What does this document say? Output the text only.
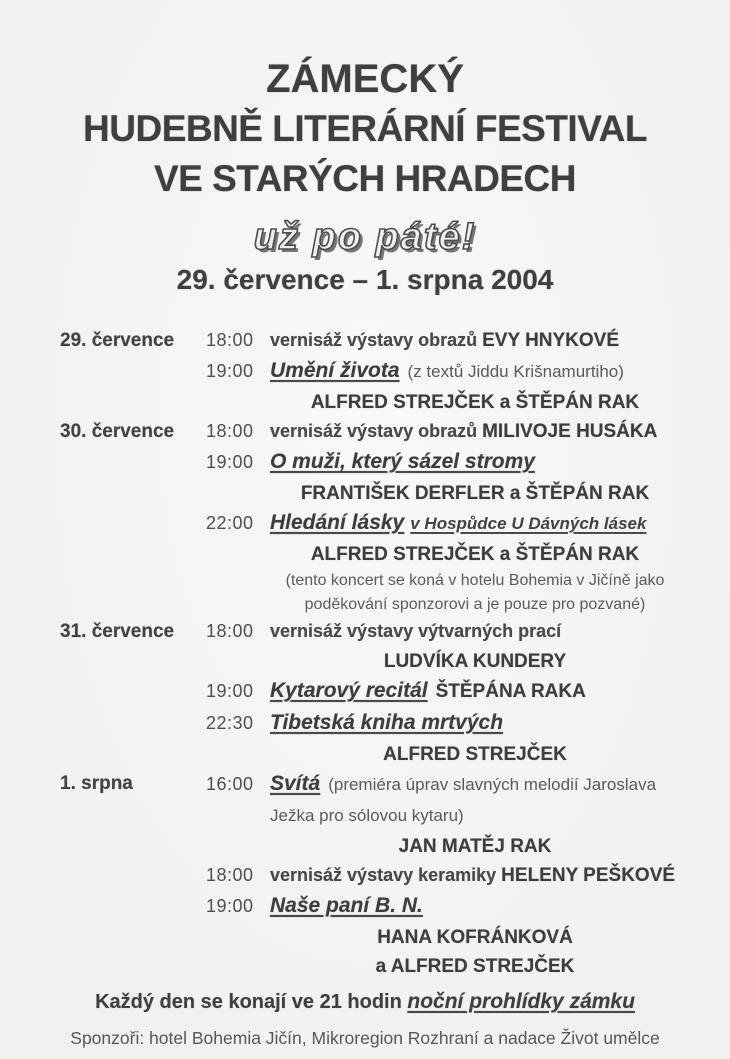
ZÁMECKÝ
HUDEBNĚ LITERÁRNÍ FESTIVAL
VE STARÝCH HRADECH
už po páté!
29. července – 1. srpna 2004
29. července	18:00 vernisáž výstavy obrazů EVY HNYKOVÉ
19:00 Umění života (z textů Jiddu Krišnamurtiho)
ALFRED STREJČEK a ŠTĚPÁN RAK
30. července	18:00 vernisáž výstavy obrazů MILIVOJE HUSÁKA
19:00 O muži, který sázel stromy
FRANTIŠEK DERFLER a ŠTĚPÁN RAK
22:00 Hledání lásky v Hospůdce U Dávných lásek
ALFRED STREJČEK a ŠTĚPÁN RAK
(tento koncert se koná v hotelu Bohemia v Jičíně jako
poděkování sponzorovi a je pouze pro pozvané)
31. července	18:00 vernisáž výstavy výtvarných prací
LUDVÍKA KUNDERY
19:00 Kytarový recitál ŠTĚPÁNA RAKA
22:30 Tibetská kniha mrtvých
ALFRED STREJČEK
1. srpna	16:00 Svítá (premiéra úprav slavných melodií Jaroslava Ježka pro sólovou kytaru)
JAN MATĚJ RAK
18:00 vernisáž výstavy keramiky HELENY PEŠKOVÉ
19:00 Naše paní B. N.
HANA KOFRÁNKOVÁ
a ALFRED STREJČEK
Každý den se konají ve 21 hodin noční prohlídky zámku
Sponzoři: hotel Bohemia Jičín, Mikroregion Rozhraní a nadace Život umělce
